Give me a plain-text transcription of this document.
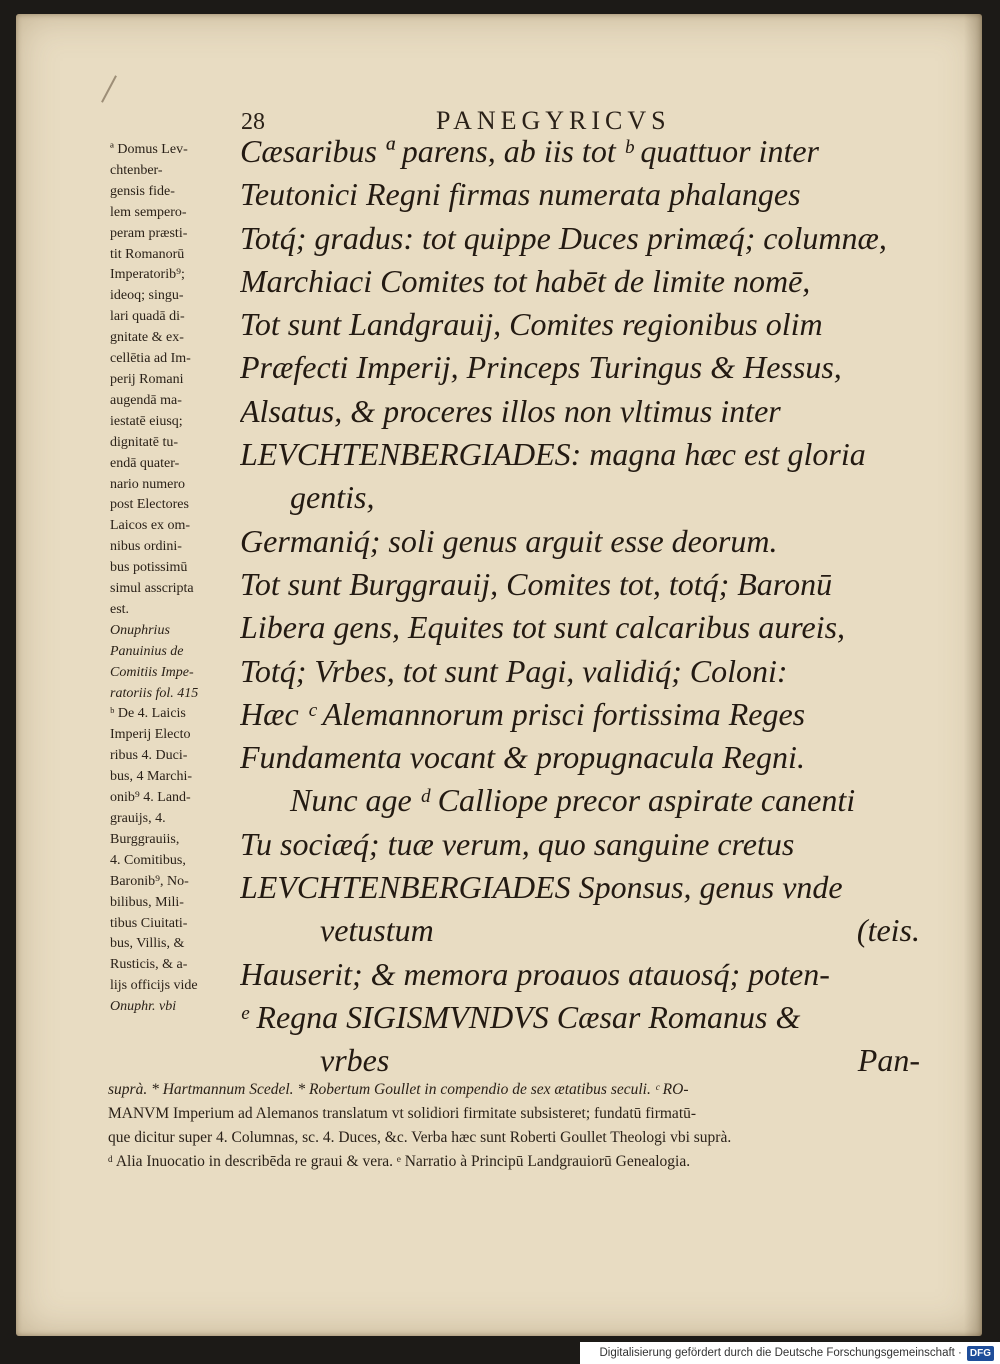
28	PANEGYRICVS
ª Domus Lev-
chtenber-
gensis fide-
lem sempero-
peram præsti-
tit Romanorū
Imperatorib⁹;
ideoq; singu-
lari quadā di-
gnitate & ex-
cellētia ad Im-
perij Romani
augendā ma-
iestatē eiusq;
dignitatē tu-
endā quater-
nario numero
post Electores
Laicos ex om-
nibus ordini-
bus potissimū
simul asscripta
est.
Onuphrius
Panuinius de
Comitiis Impe-
ratoriis fol. 415
ᵇ De 4. Laicis
Imperij Electo
ribus 4. Duci-
bus, 4 Marchi-
onib⁹ 4. Land-
grauijs, 4.
Burggrauiis,
4. Comitibus,
Baronib⁹, No-
bilibus, Mili-
tibus Ciuitati-
bus, Villis, &
Rusticis, & a-
lijs officijs vide
Onuphr. vbi
Cæsaribus ª parens, ab iis tot ᵇ quattuor inter
Teutonici Regni firmas numerata phalanges
Totq́; gradus: tot quippe Duces primæq́; columnæ,
Marchiaci Comites tot habēt de limite nomē,
Tot sunt Landgrauij, Comites regionibus olim
Præfecti Imperij, Princeps Turingus & Hessus,
Alsatus, & proceres illos non vltimus inter
LEVCHTENBERGIADES: magna hæc est gloria
gentis,
Germaniq́; soli genus arguit esse deorum.
Tot sunt Burggrauij, Comites tot, totq́; Baronū
Libera gens, Equites tot sunt calcaribus aureis,
Totq́; Vrbes, tot sunt Pagi, validiq́; Coloni:
Hæc ᶜ Alemannorum prisci fortissima Reges
Fundamenta vocant & propugnacula Regni.
Nunc age ᵈ Calliope precor aspirate canenti
Tu sociæq́; tuæ verum, quo sanguine cretus
LEVCHTENBERGIADES Sponsus, genus vnde
vetustum	(teis.
Hauserit; & memora proauos atauosq́; poten-
ᵉ Regna SIGISMVNDVS Cæsar Romanus &
vrbes	Pan-
suprà. * Hartmannum Scedel. * Robertum Goullet in compendio de sex ætatibus seculi. ᶜ RO-
MANVM Imperium ad Alemanos translatum vt solidiori firmitate subsisteret; fundatū firmatū-
que dicitur super 4. Columnas, sc. 4. Duces, &c. Verba hæc sunt Roberti Goullet Theologi vbi suprà.
ᵈ Alia Inuocatio in describēda re graui & vera. ᵉ Narratio à Principū Landgrauiorū Genealogia.
Digitalisierung gefördert durch die Deutsche Forschungsgemeinschaft · DFG
